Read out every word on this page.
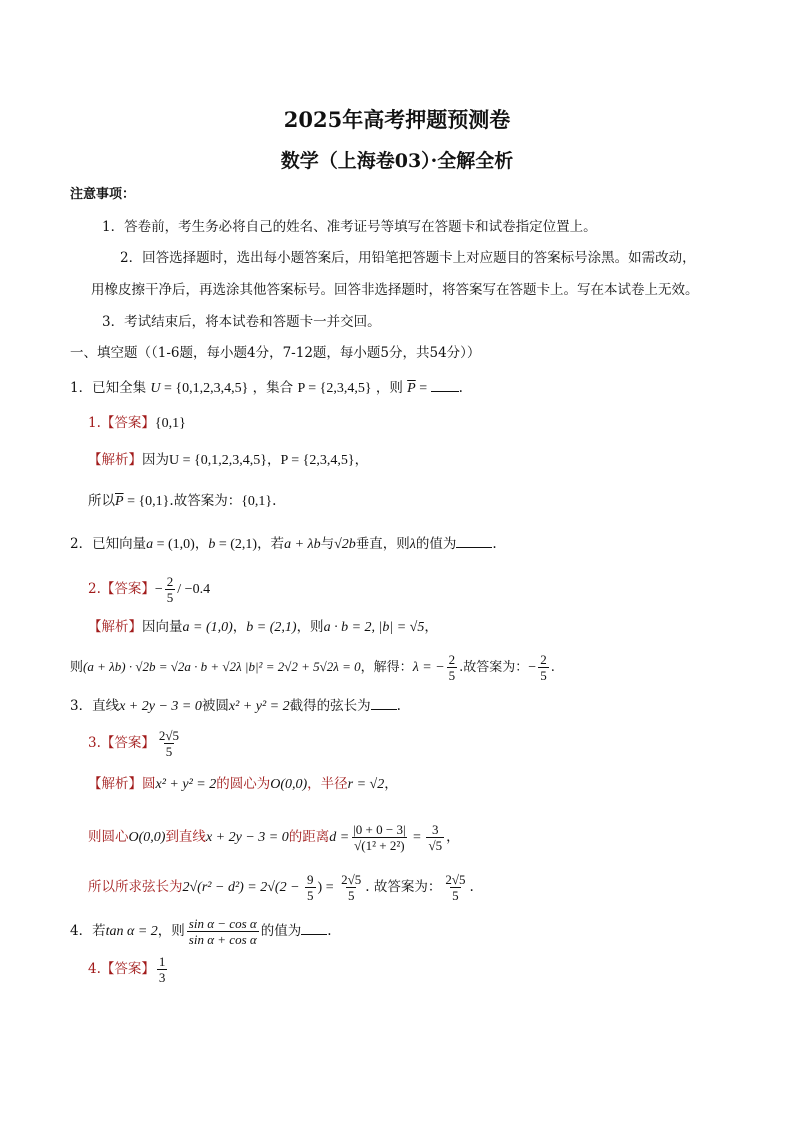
2025年高考押题预测卷
数学（上海卷03）·全解全析
注意事项：
1．答卷前，考生务必将自己的姓名、准考证号等填写在答题卡和试卷指定位置上。
2．回答选择题时，选出每小题答案后，用铅笔把答题卡上对应题目的答案标号涂黑。如需改动，
用橡皮擦干净后，再选涂其他答案标号。回答非选择题时，将答案写在答题卡上。写在本试卷上无效。
3．考试结束后，将本试卷和答题卡一并交回。
一、填空题（（1-6题，每小题4分，7-12题，每小题5分，共54分））
1．已知全集 U = {0,1,2,3,4,5} ，集合 P = {2,3,4,5} ，则 $\overline{P}$ = .
1.【答案】{0,1}
【解析】因为U = {0,1,2,3,4,5}，P = {2,3,4,5}，
所以$\overline{P} = \{0,1\}$.故答案为：{0,1}.
2．已知向量a = (1,0)，b = (2,1)，若a + λb与√2b垂直，则λ的值为	.
2.【答案】− $\frac{2}{5} / -0.4$
【解析】因向量a = (1,0)，b = (2,1)，则a · b = 2, |b| = √5，
则(a + λb) · √2b = √2a · b + √2λ |b|² = 2√2 + 5√2λ = 0，解得：λ = − $\frac{2}{5}$ .故答案为：− $\frac{2}{5}$ .
3．直线x + 2y − 3 = 0被圆x² + y² = 2截得的弦长为 .
3.【答案】 $\frac{2√5}{5}$
【解析】圆x² + y² = 2的圆心为O(0,0)，半径r = √2，
则圆心O(0,0)到直线x + 2y − 3 = 0的距离$d = \frac{|0 + 0 - 3|}{\text{√(1² + 2²)}} = \frac{3}{√5}$ ，
所以所求弦长为$2√(r^2 - d^2) = 2√(2 - \frac{9}{5}$ ) = $\frac{2√5}{5}$ . 故答案为： $\frac{2√5}{5}$ .
4．若tan α = 2，则 $\frac{\text{sin α − cos α}}{\text{sin α + cos α}}$ 的值为 .
4.【答案】 $\frac{1}{3}$
